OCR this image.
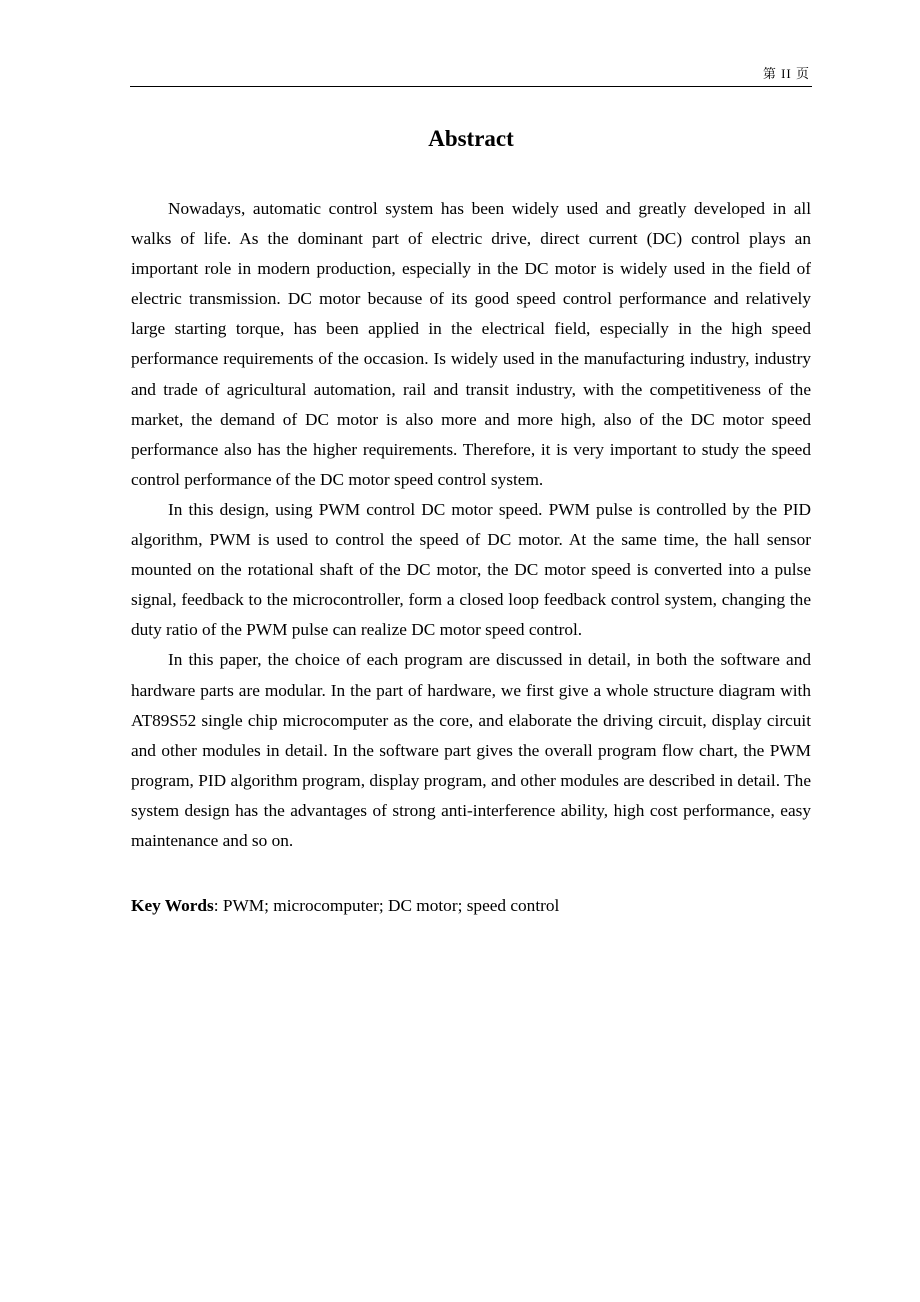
第 II 页
Abstract

Nowadays, automatic control system has been widely used and greatly developed in all walks of life. As the dominant part of electric drive, direct current (DC) control plays an important role in modern production, especially in the DC motor is widely used in the field of electric transmission. DC motor because of its good speed control performance and relatively large starting torque, has been applied in the electrical field, especially in the high speed performance requirements of the occasion. Is widely used in the manufacturing industry, industry and trade of agricultural automation, rail and transit industry, with the competitiveness of the market, the demand of DC motor is also more and more high, also of the DC motor speed performance also has the higher requirements. Therefore, it is very important to study the speed control performance of the DC motor speed control system.

In this design, using PWM control DC motor speed. PWM pulse is controlled by the PID algorithm, PWM is used to control the speed of DC motor. At the same time, the hall sensor mounted on the rotational shaft of the DC motor, the DC motor speed is converted into a pulse signal, feedback to the microcontroller, form a closed loop feedback control system, changing the duty ratio of the PWM pulse can realize DC motor speed control.

In this paper, the choice of each program are discussed in detail, in both the software and hardware parts are modular. In the part of hardware, we first give a whole structure diagram with AT89S52 single chip microcomputer as the core, and elaborate the driving circuit, display circuit and other modules in detail. In the software part gives the overall program flow chart, the PWM program, PID algorithm program, display program, and other modules are described in detail. The system design has the advantages of strong anti-interference ability, high cost performance, easy maintenance and so on.

Key Words: PWM; microcomputer; DC motor; speed control
